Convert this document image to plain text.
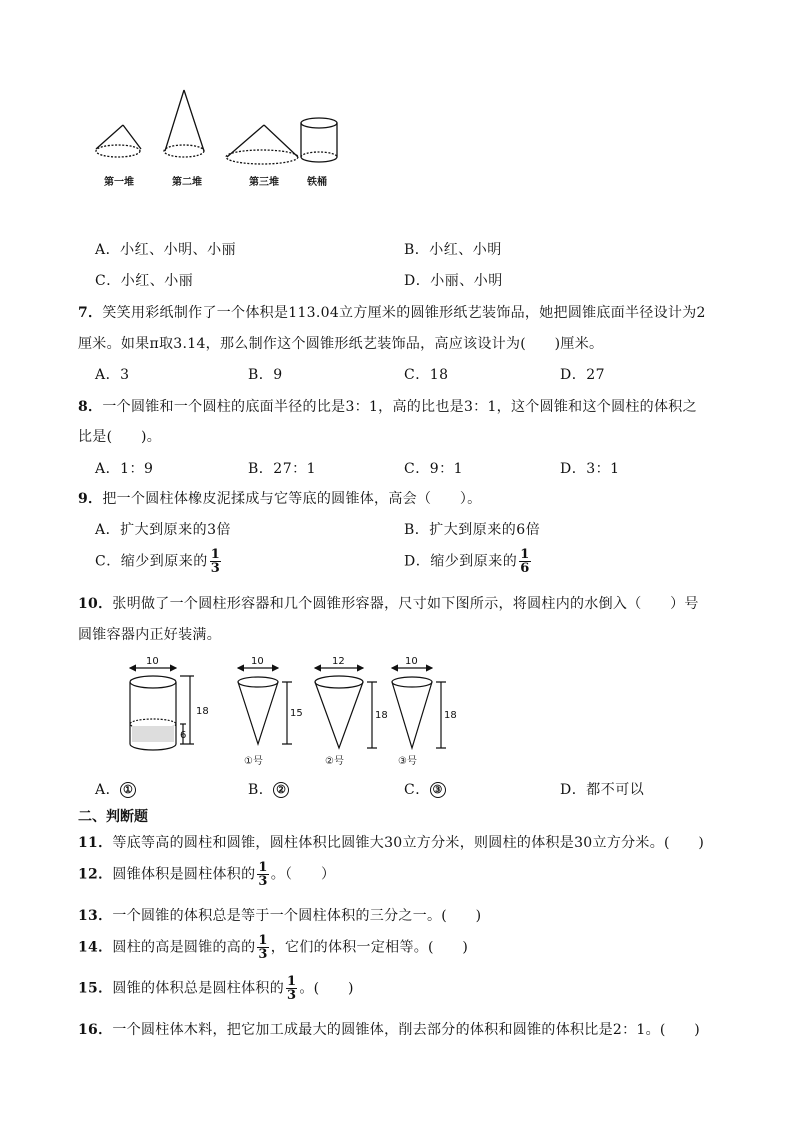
第一堆	第二堆	第三堆	铁桶
A．小红、小明、小丽	B．小红、小明
C．小红、小丽	D．小丽、小明
7．笑笑用彩纸制作了一个体积是113.04立方厘米的圆锥形纸艺装饰品，她把圆锥底面半径设计为2
厘米。如果π取3.14，那么制作这个圆锥形纸艺装饰品，高应该设计为(　　)厘米。
A．3	B．9	C．18	D．27
8．一个圆锥和一个圆柱的底面半径的比是3：1，高的比也是3：1，这个圆锥和这个圆柱的体积之
比是(　　)。
A．1：9	B．27：1	C．9：1	D．3：1
9．把一个圆柱体橡皮泥揉成与它等底的圆锥体，高会（　　）。
A．扩大到原来的3倍	B．扩大到原来的6倍
C．缩少到原来的 $\frac{1}{3}$	D．缩少到原来的 $\frac{1}{6}$
10．张明做了一个圆柱形容器和几个圆锥形容器，尺寸如下图所示，将圆柱内的水倒入（　　）号
圆锥容器内正好装满。
10
18
6
10
15
①号
12
18
②号
10
18
③号
A． ①	B． ②	C． ③	D．都不可以
二、判断题
11．等底等高的圆柱和圆锥，圆柱体积比圆锥大30立方分米，则圆柱的体积是30立方分米。(　　)
12．圆锥体积是圆柱体积的 $\frac{1}{3}$ 。（　　）
13．一个圆锥的体积总是等于一个圆柱体积的三分之一。(　　)
14．圆柱的高是圆锥的高的 $\frac{1}{3}$ ，它们的体积一定相等。(　　)
15．圆锥的体积总是圆柱体积的 $\frac{1}{3}$ 。(　　)
16．一个圆柱体木料，把它加工成最大的圆锥体，削去部分的体积和圆锥的体积比是2：1。(　　)
